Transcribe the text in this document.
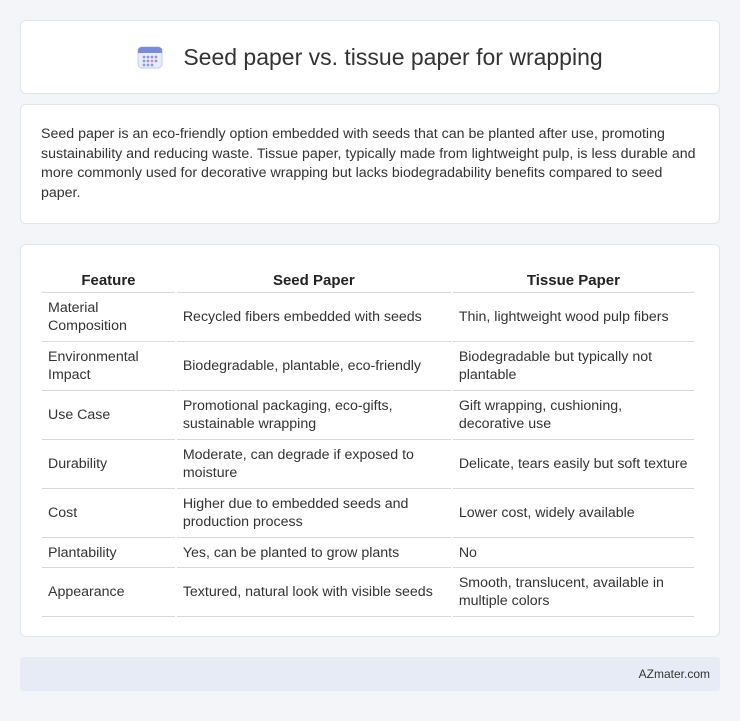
Seed paper vs. tissue paper for wrapping

Seed paper is an eco-friendly option embedded with seeds that can be planted after use, promoting sustainability and reducing waste. Tissue paper, typically made from lightweight pulp, is less durable and more commonly used for decorative wrapping but lacks biodegradability benefits compared to seed paper.

Feature	Seed Paper	Tissue Paper
Material Composition	Recycled fibers embedded with seeds	Thin, lightweight wood pulp fibers
Environmental Impact	Biodegradable, plantable, eco-friendly	Biodegradable but typically not plantable
Use Case	Promotional packaging, eco-gifts, sustainable wrapping	Gift wrapping, cushioning, decorative use
Durability	Moderate, can degrade if exposed to moisture	Delicate, tears easily but soft texture
Cost	Higher due to embedded seeds and production process	Lower cost, widely available
Plantability	Yes, can be planted to grow plants	No
Appearance	Textured, natural look with visible seeds	Smooth, translucent, available in multiple colors
AZmater.com
